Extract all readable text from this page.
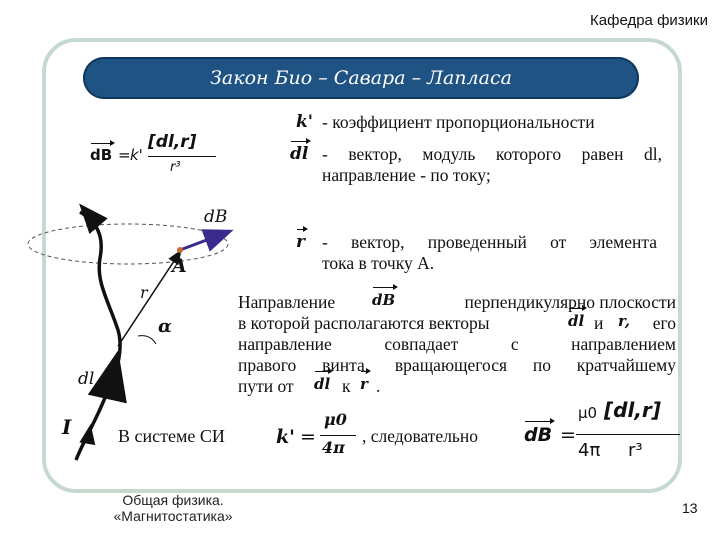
Кафедра физики
Закон Био – Савара – Лапласа
dB = k'
[dl,r]
r³
k' - коэффициент пропорциональности
dl - вектор, модуль которого равен dl,
направление - по току;
r - вектор, проведенный от элемента
тока в точку A.
Направление dB	перпендикулярно плоскости
в которой располагаются векторы	dl и r, его
направление совпадает с направлением
правого винта, вращающегося по кратчайшему
пути от dl к r .
В системе СИ	k' =
μ0
4π
, следовательно dB =
μ0 [dl,r]
4π r³
dB
A
r
α
dl
I
Общая физика.
«Магнитостатика»	13
